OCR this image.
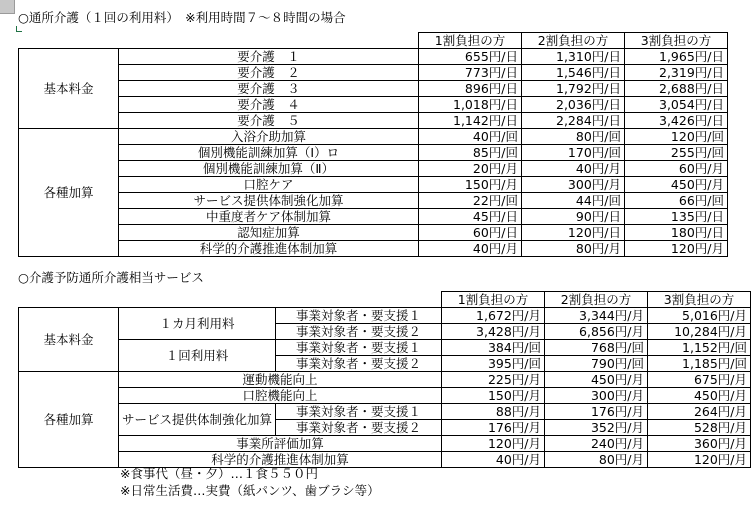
○通所介護（１回の利用料）　※利用時間７～８時間の場合
		1割負担の方	2割負担の方	3割負担の方
基本料金	要介護　１	655円/日	1,310円/日	1,965円/日
	要介護　２	773円/日	1,546円/日	2,319円/日
	要介護　３	896円/日	1,792円/日	2,688円/日
	要介護　４	1,018円/日	2,036円/日	3,054円/日
	要介護　５	1,142円/日	2,284円/日	3,426円/日
各種加算	入浴介助加算	40円/回	80円/回	120円/回
	個別機能訓練加算（Ⅰ）ロ	85円/回	170円/回	255円/回
	個別機能訓練加算（Ⅱ）	20円/月	40円/月	60円/月
	口腔ケア	150円/月	300円/月	450円/月
	サービス提供体制強化加算	22円/回	44円/回	66円/回
	中重度者ケア体制加算	45円/日	90円/日	135円/日
	認知症加算	60円/日	120円/日	180円/日
	科学的介護推進体制加算	40円/月	80円/月	120円/月
○介護予防通所介護相当サービス
			1割負担の方	2割負担の方	3割負担の方
基本料金	１カ月利用料	事業対象者・要支援１	1,672円/月	3,344円/月	5,016円/月
		事業対象者・要支援２	3,428円/月	6,856円/月	10,284円/月
	１回利用料	事業対象者・要支援１	384円/回	768円/回	1,152円/回
		事業対象者・要支援２	395円/回	790円/回	1,185円/回
各種加算	運動機能向上		225円/月	450円/月	675円/月
	口腔機能向上		150円/月	300円/月	450円/月
	サービス提供体制強化加算	事業対象者・要支援１	88円/月	176円/月	264円/月
		事業対象者・要支援２	176円/月	352円/月	528円/月
	事業所評価加算		120円/月	240円/月	360円/月
	科学的介護推進体制加算		40円/月	80円/月	120円/月
※食事代（昼・夕）…１食５５０円
※日常生活費…実費（紙パンツ、歯ブラシ等）
